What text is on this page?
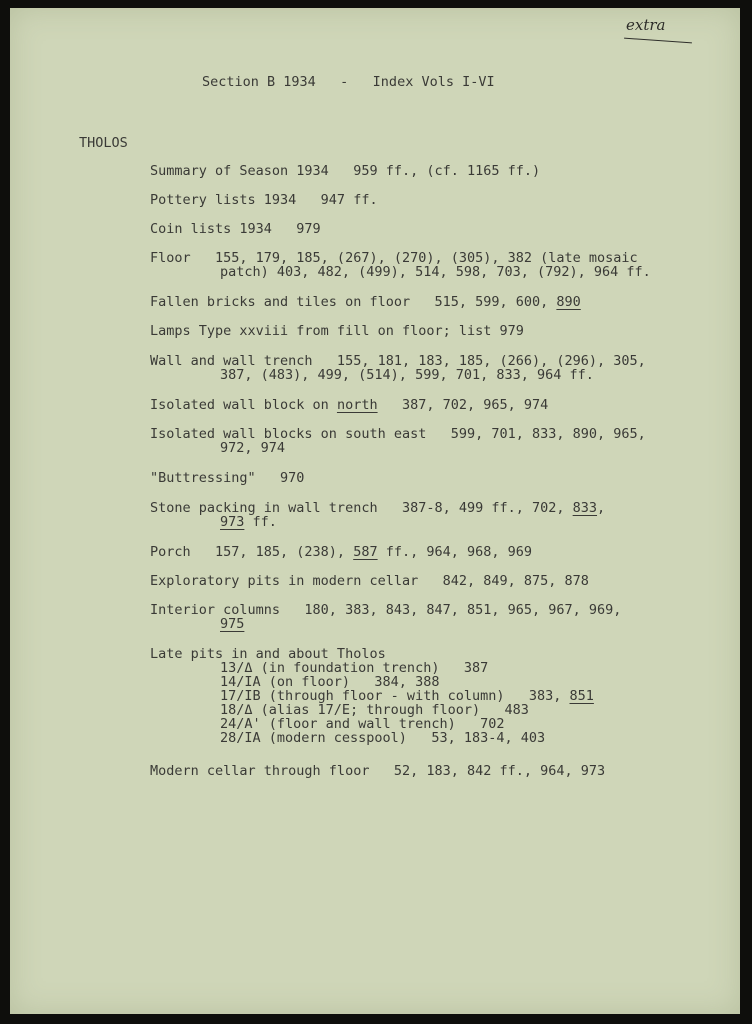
extra
Section B 1934   -   Index Vols I-VI
THOLOS
Summary of Season 1934   959 ff., (cf. 1165 ff.)
Pottery lists 1934   947 ff.
Coin lists 1934   979
Floor   155, 179, 185, (267), (270), (305), 382 (late mosaic
patch) 403, 482, (499), 514, 598, 703, (792), 964 ff.
Fallen bricks and tiles on floor   515, 599, 600, 890
Lamps Type xxviii from fill on floor; list 979
Wall and wall trench   155, 181, 183, 185, (266), (296), 305,
387, (483), 499, (514), 599, 701, 833, 964 ff.
Isolated wall block on north   387, 702, 965, 974
Isolated wall blocks on south east   599, 701, 833, 890, 965,
972, 974
"Buttressing"   970
Stone packing in wall trench   387-8, 499 ff., 702, 833,
973 ff.
Porch   157, 185, (238), 587 ff., 964, 968, 969
Exploratory pits in modern cellar   842, 849, 875, 878
Interior columns   180, 383, 843, 847, 851, 965, 967, 969,
975
Late pits in and about Tholos
13/Δ (in foundation trench)   387
14/IA (on floor)   384, 388
17/IB (through floor - with column)   383, 851
18/Δ (alias 17/E; through floor)   483
24/A' (floor and wall trench)   702
28/IA (modern cesspool)   53, 183-4, 403
Modern cellar through floor   52, 183, 842 ff., 964, 973
